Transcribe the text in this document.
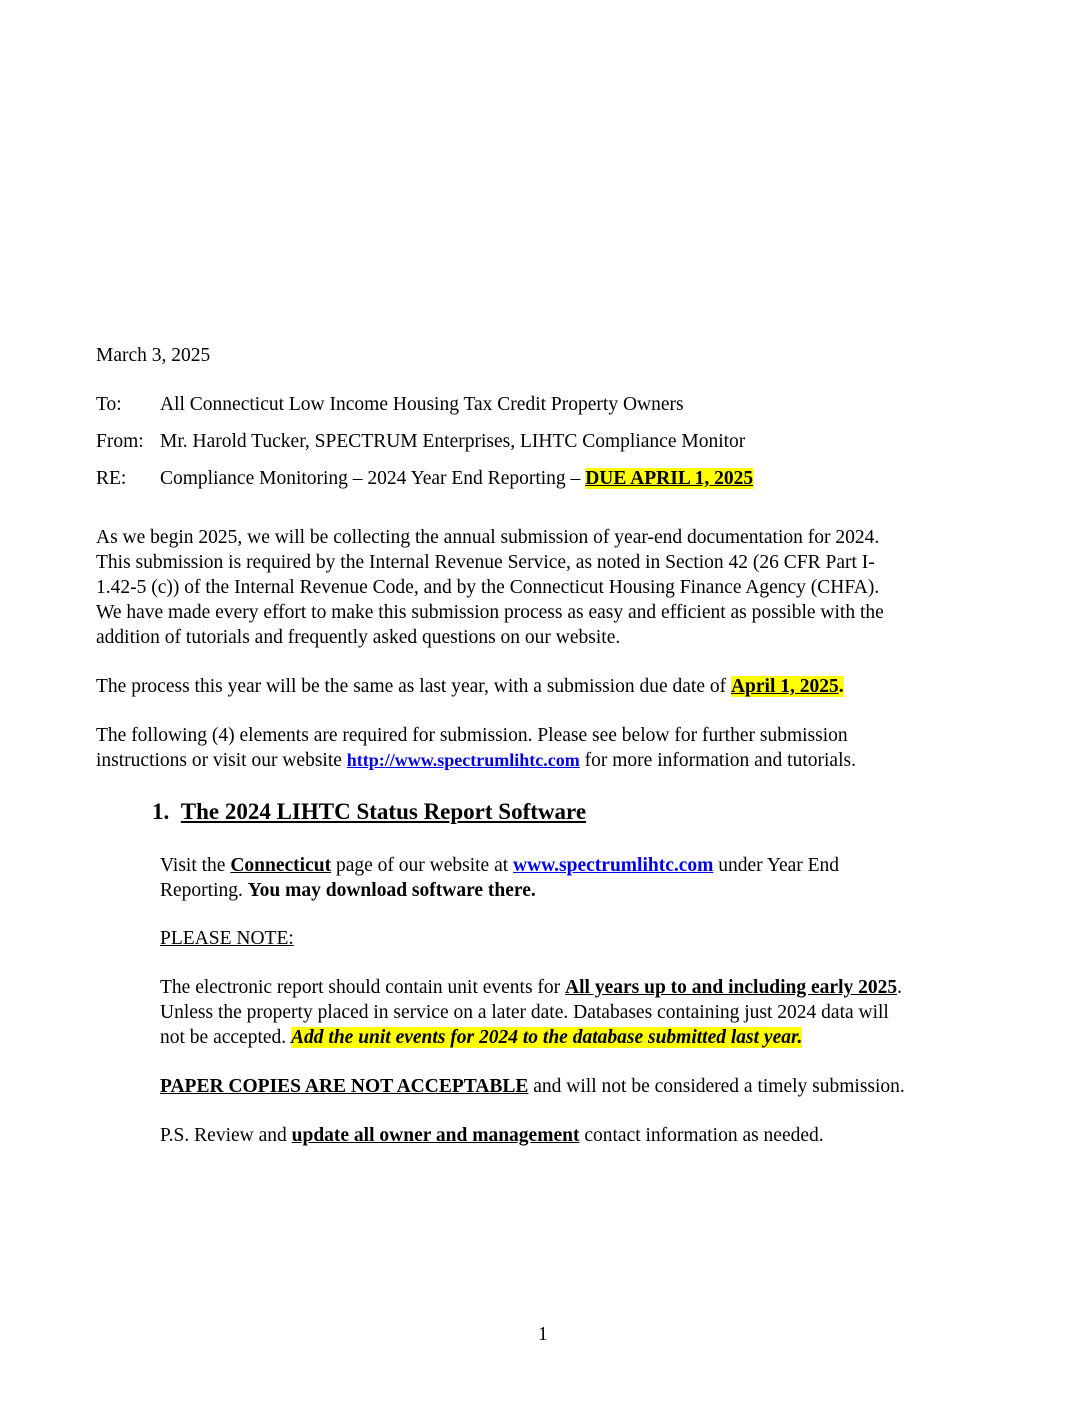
March 3, 2025
To: All Connecticut Low Income Housing Tax Credit Property Owners
From: Mr. Harold Tucker, SPECTRUM Enterprises, LIHTC Compliance Monitor
RE: Compliance Monitoring – 2024 Year End Reporting – DUE APRIL 1, 2025
As we begin 2025, we will be collecting the annual submission of year-end documentation for 2024.
This submission is required by the Internal Revenue Service, as noted in Section 42 (26 CFR Part I-
1.42-5 (c)) of the Internal Revenue Code, and by the Connecticut Housing Finance Agency (CHFA).
We have made every effort to make this submission process as easy and efficient as possible with the
addition of tutorials and frequently asked questions on our website.
The process this year will be the same as last year, with a submission due date of April 1, 2025.
The following (4) elements are required for submission. Please see below for further submission
instructions or visit our website http://www.spectrumlihtc.com for more information and tutorials.
1. The 2024 LIHTC Status Report Software
Visit the Connecticut page of our website at www.spectrumlihtc.com under Year End
Reporting. You may download software there.
PLEASE NOTE:
The electronic report should contain unit events for All years up to and including early 2025.
Unless the property placed in service on a later date. Databases containing just 2024 data will
not be accepted. Add the unit events for 2024 to the database submitted last year.
PAPER COPIES ARE NOT ACCEPTABLE and will not be considered a timely submission.
P.S. Review and update all owner and management contact information as needed.
1
